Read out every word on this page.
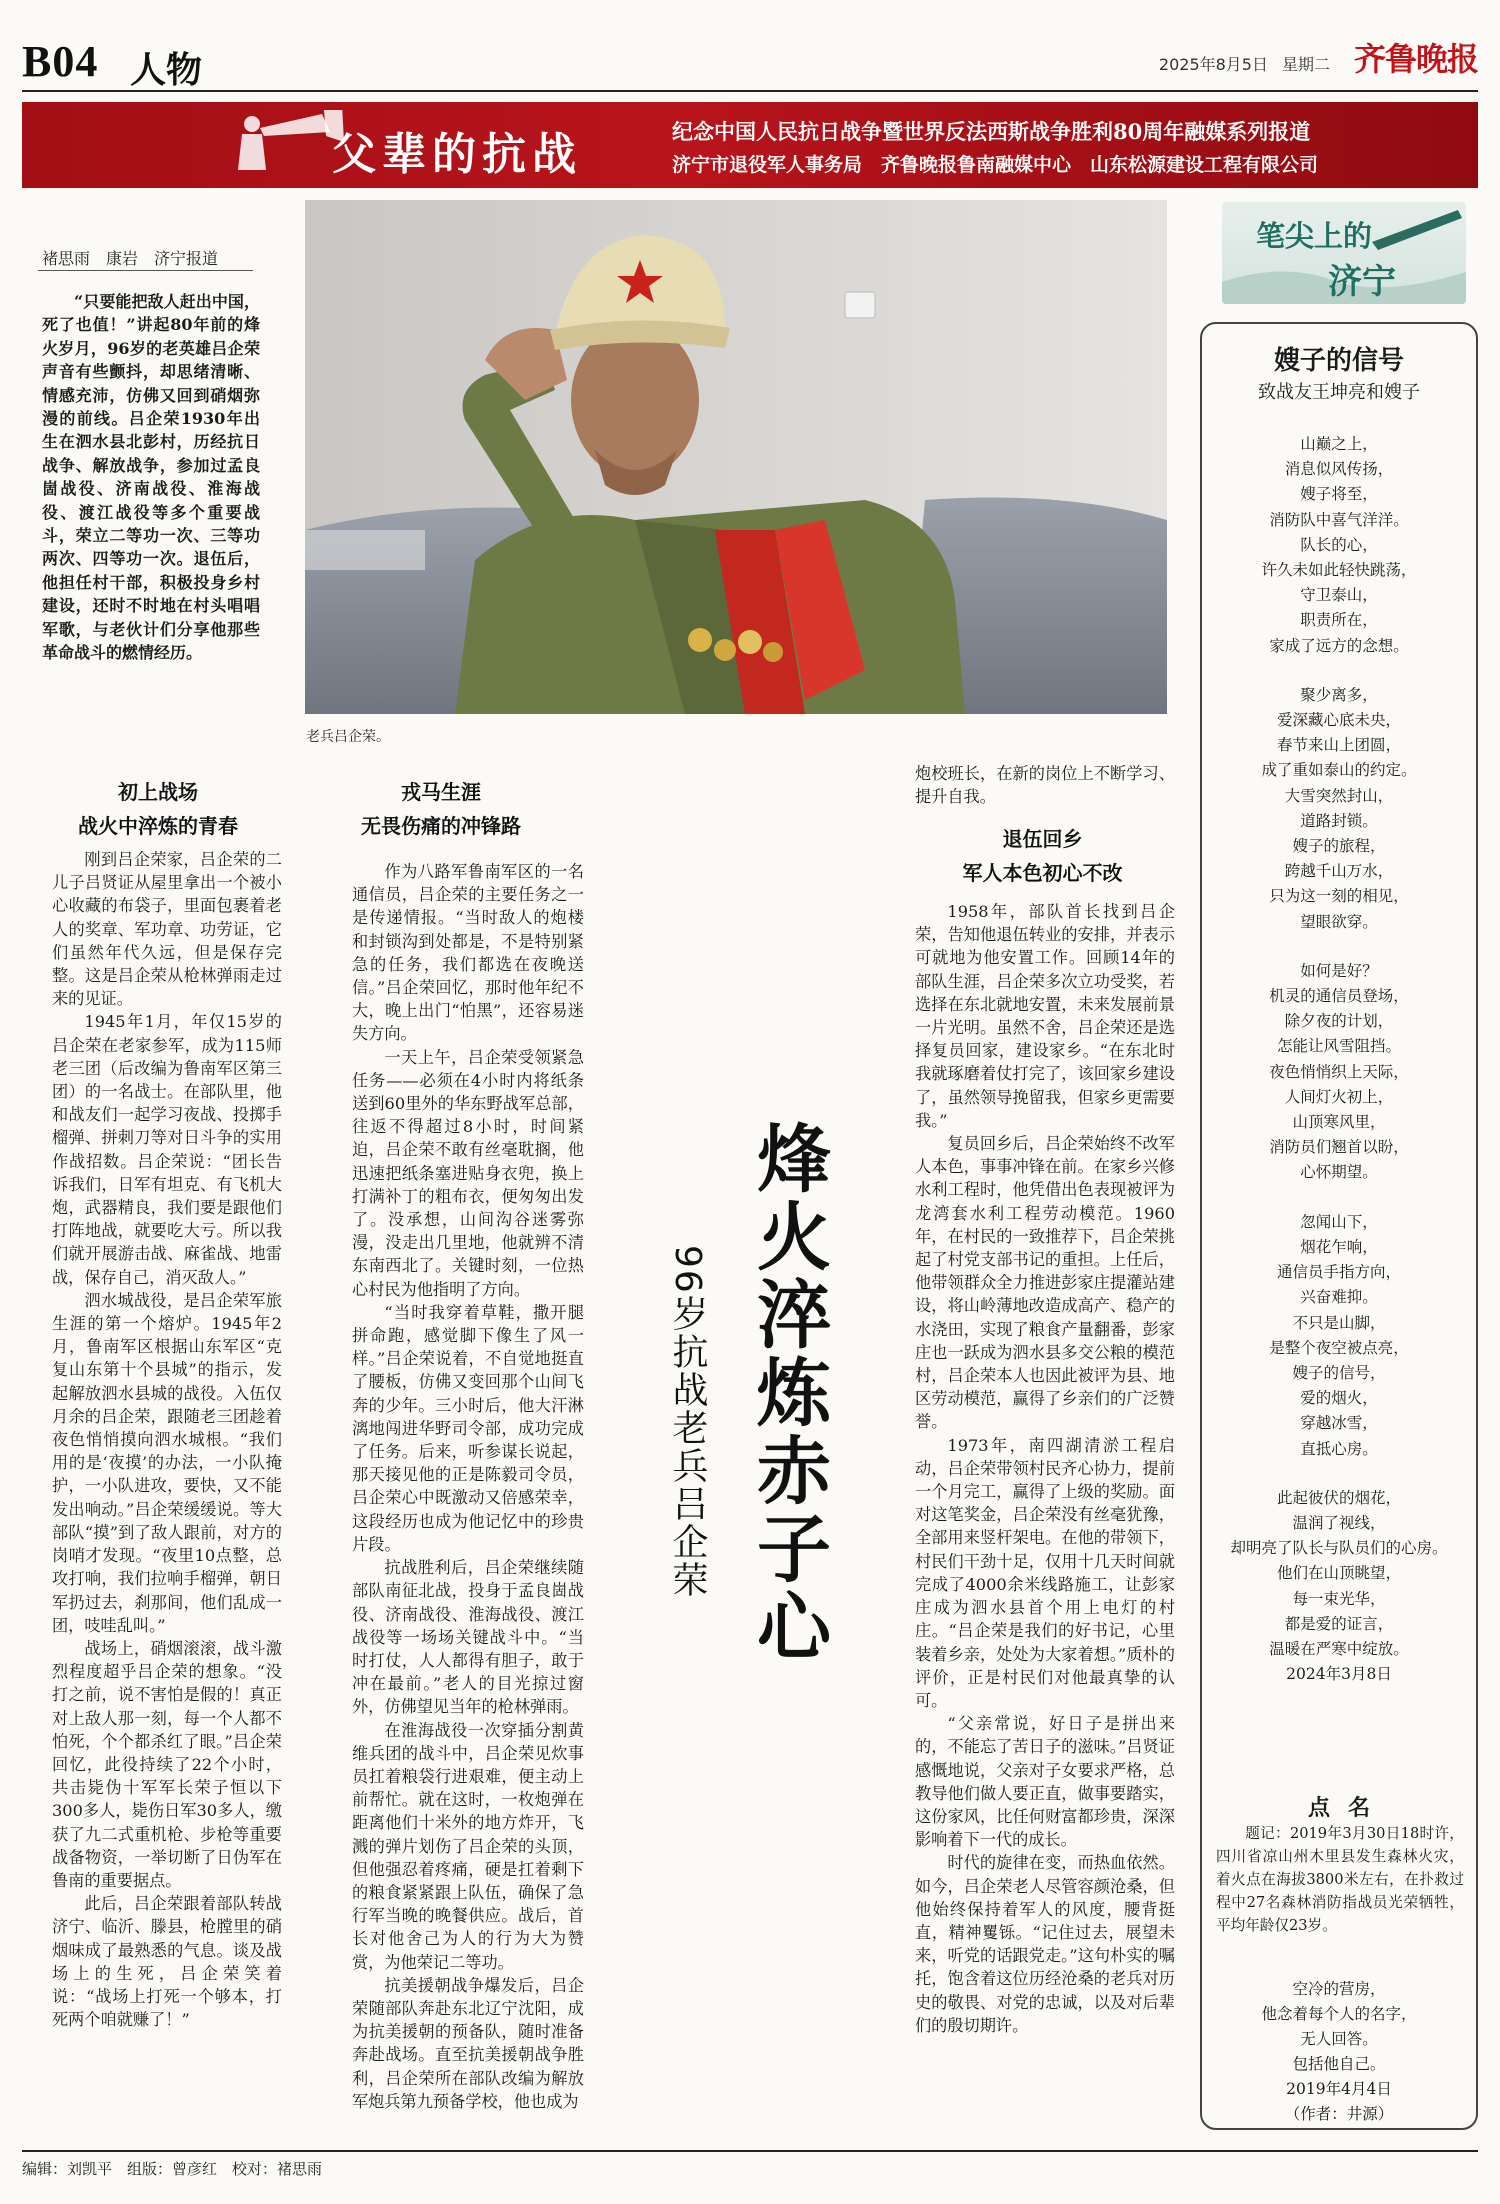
B04 人物	2025年8月5日 星期二 齐鲁晚报
父辈的抗战	纪念中国人民抗日战争暨世界反法西斯战争胜利80周年融媒系列报道
济宁市退役军人事务局　齐鲁晚报鲁南融媒中心　山东松源建设工程有限公司
褚思雨　康岩　济宁报道

“只要能把敌人赶出中国，死了也值！”讲起80年前的烽火岁月，96岁的老英雄吕企荣声音有些颤抖，却思绪清晰、情感充沛，仿佛又回到硝烟弥漫的前线。吕企荣1930年出生在泗水县北彭村，历经抗日战争、解放战争，参加过孟良崮战役、济南战役、淮海战役、渡江战役等多个重要战斗，荣立二等功一次、三等功两次、四等功一次。退伍后，他担任村干部，积极投身乡村建设，还时不时地在村头唱唱军歌，与老伙计们分享他那些革命战斗的燃情经历。

老兵吕企荣。
初上战场
战火中淬炼的青春

刚到吕企荣家，吕企荣的二儿子吕贤证从屋里拿出一个被小心收藏的布袋子，里面包裹着老人的奖章、军功章、功劳证，它们虽然年代久远，但是保存完整。这是吕企荣从枪林弹雨走过来的见证。

1945年1月，年仅15岁的吕企荣在老家参军，成为115师老三团（后改编为鲁南军区第三团）的一名战士。在部队里，他和战友们一起学习夜战、投掷手榴弹、拼刺刀等对日斗争的实用作战招数。吕企荣说：“团长告诉我们，日军有坦克、有飞机大炮，武器精良，我们要是跟他们打阵地战，就要吃大亏。所以我们就开展游击战、麻雀战、地雷战，保存自己，消灭敌人。”

泗水城战役，是吕企荣军旅生涯的第一个熔炉。1945年2月，鲁南军区根据山东军区“克复山东第十个县城”的指示，发起解放泗水县城的战役。入伍仅月余的吕企荣，跟随老三团趁着夜色悄悄摸向泗水城根。“我们用的是‘夜摸’的办法，一小队掩护，一小队进攻，要快，又不能发出响动。”吕企荣缓缓说。等大部队“摸”到了敌人跟前，对方的岗哨才发现。“夜里10点整，总攻打响，我们拉响手榴弹，朝日军扔过去，刹那间，他们乱成一团，吱哇乱叫。”

战场上，硝烟滚滚，战斗激烈程度超乎吕企荣的想象。“没打之前，说不害怕是假的！真正对上敌人那一刻，每一个人都不怕死，个个都杀红了眼。”吕企荣回忆，此役持续了22个小时，共击毙伪十军军长荣子恒以下300多人，毙伤日军30多人，缴获了九二式重机枪、步枪等重要战备物资，一举切断了日伪军在鲁南的重要据点。

此后，吕企荣跟着部队转战济宁、临沂、滕县，枪膛里的硝烟味成了最熟悉的气息。谈及战场上的生死，吕企荣笑着说：“战场上打死一个够本，打死两个咱就赚了！”

戎马生涯
无畏伤痛的冲锋路

作为八路军鲁南军区的一名通信员，吕企荣的主要任务之一是传递情报。“当时敌人的炮楼和封锁沟到处都是，不是特别紧急的任务，我们都选在夜晚送信。”吕企荣回忆，那时他年纪不大，晚上出门“怕黑”，还容易迷失方向。

一天上午，吕企荣受领紧急任务——必须在4小时内将纸条送到60里外的华东野战军总部，往返不得超过8小时，时间紧迫，吕企荣不敢有丝毫耽搁，他迅速把纸条塞进贴身衣兜，换上打满补丁的粗布衣，便匆匆出发了。没承想，山间沟谷迷雾弥漫，没走出几里地，他就辨不清东南西北了。关键时刻，一位热心村民为他指明了方向。

“当时我穿着草鞋，撒开腿拼命跑，感觉脚下像生了风一样。”吕企荣说着，不自觉地挺直了腰板，仿佛又变回那个山间飞奔的少年。三小时后，他大汗淋漓地闯进华野司令部，成功完成了任务。后来，听参谋长说起，那天接见他的正是陈毅司令员，吕企荣心中既激动又倍感荣幸，这段经历也成为他记忆中的珍贵片段。

抗战胜利后，吕企荣继续随部队南征北战，投身于孟良崮战役、济南战役、淮海战役、渡江战役等一场场关键战斗中。“当时打仗，人人都得有胆子，敢于冲在最前。”老人的目光掠过窗外，仿佛望见当年的枪林弹雨。

在淮海战役一次穿插分割黄维兵团的战斗中，吕企荣见炊事员扛着粮袋行进艰难，便主动上前帮忙。就在这时，一枚炮弹在距离他们十米外的地方炸开，飞溅的弹片划伤了吕企荣的头顶，但他强忍着疼痛，硬是扛着剩下的粮食紧紧跟上队伍，确保了急行军当晚的晚餐供应。战后，首长对他舍己为人的行为大为赞赏，为他荣记二等功。

抗美援朝战争爆发后，吕企荣随部队奔赴东北辽宁沈阳，成为抗美援朝的预备队，随时准备奔赴战场。直至抗美援朝战争胜利，吕企荣所在部队改编为解放军炮兵第九预备学校，他也成为

烽火淬炼赤子心
96岁抗战老兵吕企荣

炮校班长，在新的岗位上不断学习、提升自我。

退伍回乡
军人本色初心不改

1958年，部队首长找到吕企荣，告知他退伍转业的安排，并表示可就地为他安置工作。回顾14年的部队生涯，吕企荣多次立功受奖，若选择在东北就地安置，未来发展前景一片光明。虽然不舍，吕企荣还是选择复员回家，建设家乡。“在东北时我就琢磨着仗打完了，该回家乡建设了，虽然领导挽留我，但家乡更需要我。”

复员回乡后，吕企荣始终不改军人本色，事事冲锋在前。在家乡兴修水利工程时，他凭借出色表现被评为龙湾套水利工程劳动模范。1960年，在村民的一致推荐下，吕企荣挑起了村党支部书记的重担。上任后，他带领群众全力推进彭家庄提灌站建设，将山岭薄地改造成高产、稳产的水浇田，实现了粮食产量翻番，彭家庄也一跃成为泗水县多交公粮的模范村，吕企荣本人也因此被评为县、地区劳动模范，赢得了乡亲们的广泛赞誉。

1973年，南四湖清淤工程启动，吕企荣带领村民齐心协力，提前一个月完工，赢得了上级的奖励。面对这笔奖金，吕企荣没有丝毫犹豫，全部用来竖杆架电。在他的带领下，村民们干劲十足，仅用十几天时间就完成了4000余米线路施工，让彭家庄成为泗水县首个用上电灯的村庄。“吕企荣是我们的好书记，心里装着乡亲，处处为大家着想。”质朴的评价，正是村民们对他最真挚的认可。

“父亲常说，好日子是拼出来的，不能忘了苦日子的滋味。”吕贤证感慨地说，父亲对子女要求严格，总教导他们做人要正直，做事要踏实，这份家风，比任何财富都珍贵，深深影响着下一代的成长。

时代的旋律在变，而热血依然。如今，吕企荣老人尽管容颜沧桑，但他始终保持着军人的风度，腰背挺直，精神矍铄。“记住过去，展望未来，听党的话跟党走。”这句朴实的嘱托，饱含着这位历经沧桑的老兵对历史的敬畏、对党的忠诚，以及对后辈们的殷切期许。

笔尖上的
济宁
嫂子的信号
致战友王坤亮和嫂子
山巅之上，
消息似风传扬，
嫂子将至，
消防队中喜气洋洋。
队长的心，
许久未如此轻快跳荡，
守卫泰山，
职责所在，
家成了远方的念想。
聚少离多，
爱深藏心底未央，
春节来山上团圆，
成了重如泰山的约定。
大雪突然封山，
道路封锁。
嫂子的旅程，
跨越千山万水，
只为这一刻的相见，
望眼欲穿。
如何是好？
机灵的通信员登场，
除夕夜的计划，
怎能让风雪阻挡。
夜色悄悄织上天际，
人间灯火初上，
山顶寒风里，
消防员们翘首以盼，
心怀期望。
忽闻山下，
烟花乍响，
通信员手指方向，
兴奋难抑。
不只是山脚，
是整个夜空被点亮，
嫂子的信号，
爱的烟火，
穿越冰雪，
直抵心房。
此起彼伏的烟花，
温润了视线，
却明亮了队长与队员们的心房。
他们在山顶眺望，
每一束光华，
都是爱的证言，
温暖在严寒中绽放。
2024年3月8日
点名

题记：2019年3月30日18时许，四川省凉山州木里县发生森林火灾，着火点在海拔3800米左右，在扑救过程中27名森林消防指战员光荣牺牲，平均年龄仅23岁。

空冷的营房，
他念着每个人的名字，
无人回答。
包括他自己。
2019年4月4日
（作者：井源）
编辑：刘凯平　组版：曾彦红　校对：褚思雨
